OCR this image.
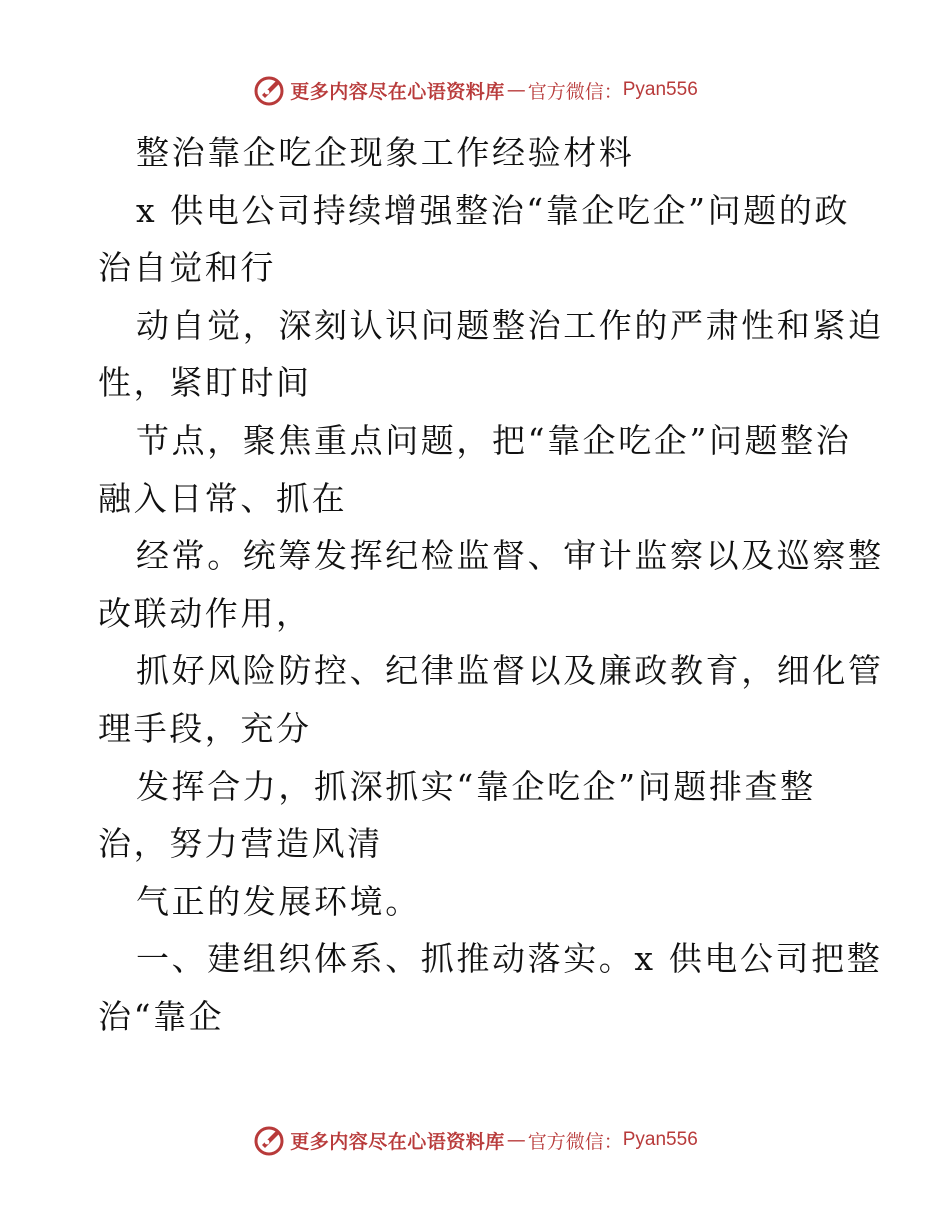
更多内容尽在心语资料库 — 官方微信： Pyan556
整治靠企吃企现象工作经验材料
x 供电公司持续增强整治“靠企吃企”问题的政
治自觉和行
动自觉，深刻认识问题整治工作的严肃性和紧迫
性，紧盯时间
节点，聚焦重点问题，把“靠企吃企”问题整治
融入日常、抓在
经常。统筹发挥纪检监督、审计监察以及巡察整
改联动作用，
抓好风险防控、纪律监督以及廉政教育，细化管
理手段，充分
发挥合力，抓深抓实“靠企吃企”问题排查整
治，努力营造风清
气正的发展环境。
一、建组织体系、抓推动落实。x 供电公司把整
治“靠企
更多内容尽在心语资料库 — 官方微信： Pyan556
